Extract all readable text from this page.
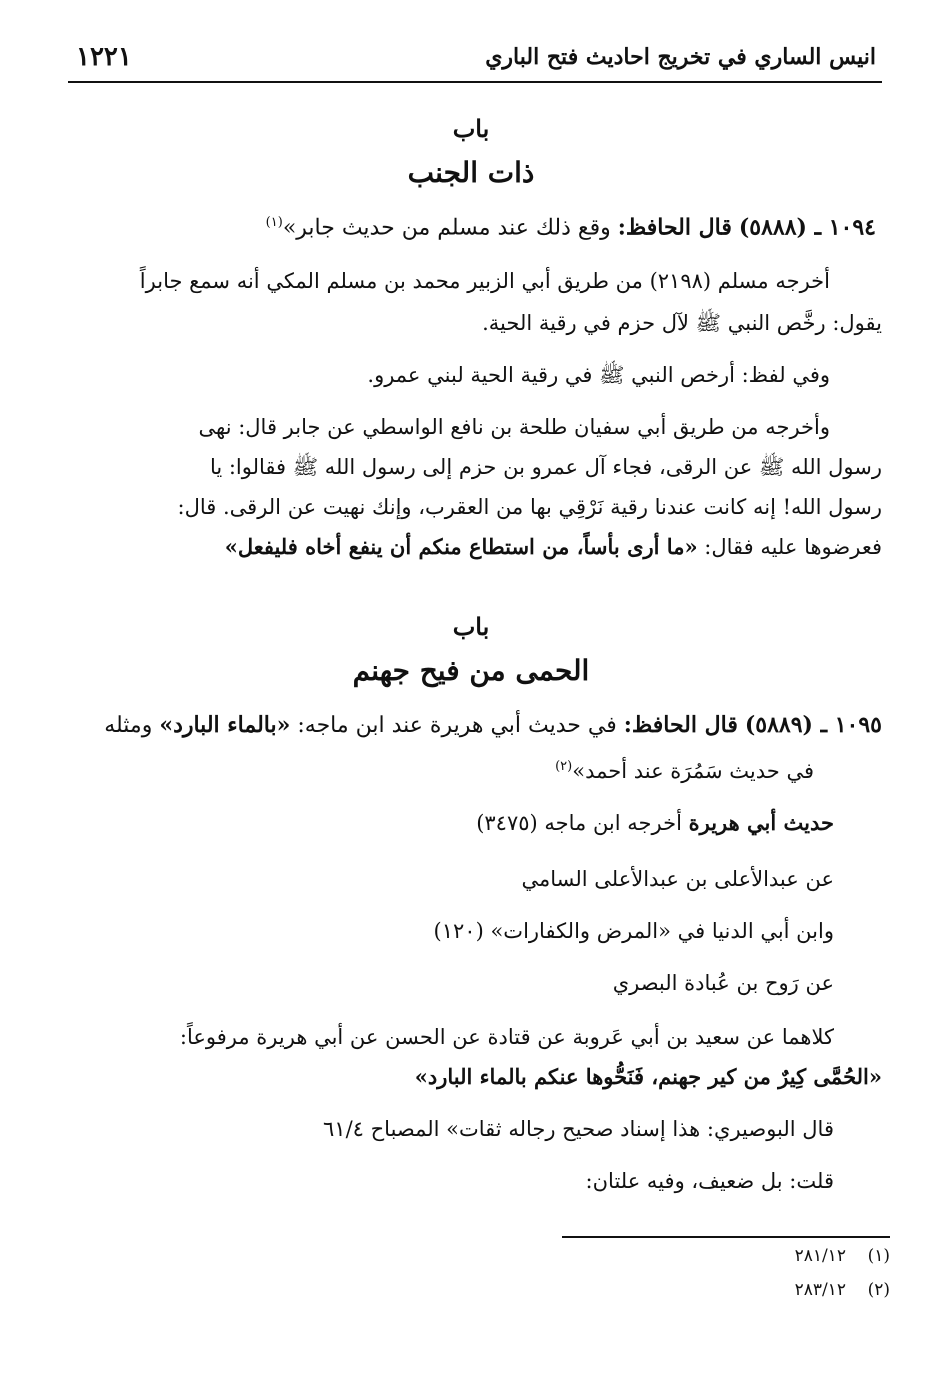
انيس الساري في تخريج احاديث فتح الباري
١٢٢١
باب
ذات الجنب
١٠٩٤ ـ (٥٨٨٨) قال الحافظ: وقع ذلك عند مسلم من حديث جابر»$^{(١)}$
أخرجه مسلم (٢١٩٨) من طريق أبي الزبير محمد بن مسلم المكي أنه سمع جابراً
يقول: رخَّص النبي ﷺ لآل حزم في رقية الحية.
وفي لفظ: أرخص النبي ﷺ في رقية الحية لبني عمرو.
وأخرجه من طريق أبي سفيان طلحة بن نافع الواسطي عن جابر قال: نهى
رسول الله ﷺ عن الرقى، فجاء آل عمرو بن حزم إلى رسول الله ﷺ فقالوا: يا
رسول الله! إنه كانت عندنا رقية نَرْقِي بها من العقرب، وإنك نهيت عن الرقى. قال:
فعرضوها عليه فقال: «ما أرى بأساً، من استطاع منكم أن ينفع أخاه فليفعل»
باب
الحمى من فيح جهنم
١٠٩٥ ـ (٥٨٨٩) قال الحافظ: في حديث أبي هريرة عند ابن ماجه: «بالماء البارد» ومثله
في حديث سَمُرَة عند أحمد»$^{(٢)}$
حديث أبي هريرة أخرجه ابن ماجه (٣٤٧٥)
عن عبدالأعلى بن عبدالأعلى السامي
وابن أبي الدنيا في «المرض والكفارات» (١٢٠)
عن رَوح بن عُبادة البصري
كلاهما عن سعيد بن أبي عَروبة عن قتادة عن الحسن عن أبي هريرة مرفوعاً:
«الحُمَّى كِيرٌ من كير جهنم، فَنَحُّوها عنكم بالماء البارد»
قال البوصيري: هذا إسناد صحيح رجاله ثقات» المصباح ٦١/٤
قلت: بل ضعيف، وفيه علتان:
(١)    ٢٨١/١٢
(٢)    ٢٨٣/١٢
